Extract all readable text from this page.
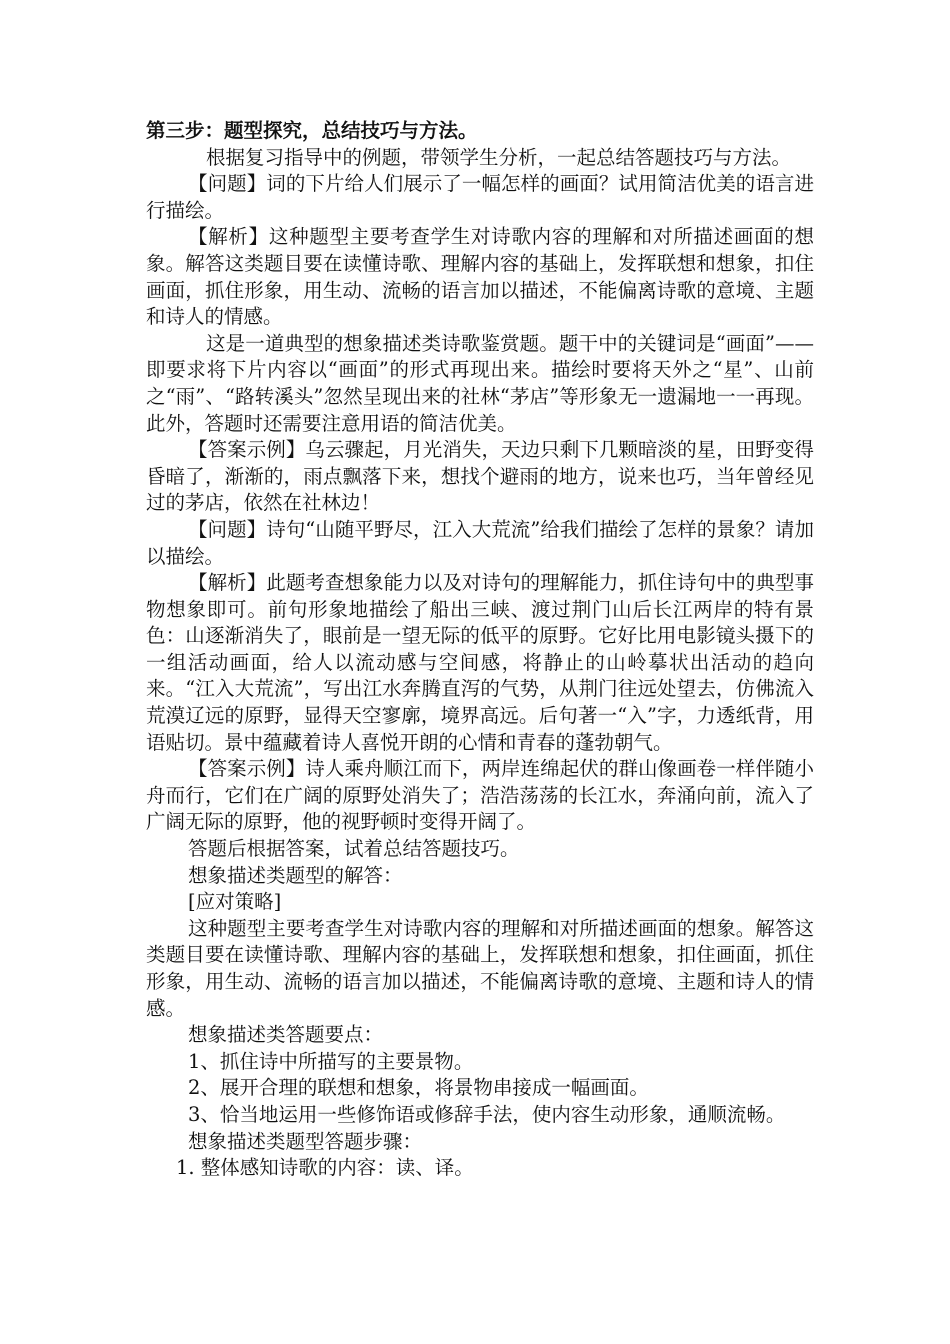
第三步：题型探究，总结技巧与方法。

根据复习指导中的例题，带领学生分析，一起总结答题技巧与方法。

【问题】词的下片给人们展示了一幅怎样的画面？试用简洁优美的语言进行描绘。

【解析】这种题型主要考查学生对诗歌内容的理解和对所描述画面的想象。解答这类题目要在读懂诗歌、理解内容的基础上，发挥联想和想象，扣住画面，抓住形象，用生动、流畅的语言加以描述，不能偏离诗歌的意境、主题和诗人的情感。

这是一道典型的想象描述类诗歌鉴赏题。题干中的关键词是“画面”——即要求将下片内容以“画面”的形式再现出来。描绘时要将天外之“星”、山前之“雨”、“路转溪头”忽然呈现出来的社林“茅店”等形象无一遗漏地一一再现。此外，答题时还需要注意用语的简洁优美。

【答案示例】乌云骤起，月光消失，天边只剩下几颗暗淡的星，田野变得昏暗了，渐渐的，雨点飘落下来，想找个避雨的地方，说来也巧，当年曾经见过的茅店，依然在社林边！

【问题】诗句“山随平野尽，江入大荒流”给我们描绘了怎样的景象？请加以描绘。

【解析】此题考查想象能力以及对诗句的理解能力，抓住诗句中的典型事物想象即可。前句形象地描绘了船出三峡、渡过荆门山后长江两岸的特有景色：山逐渐消失了，眼前是一望无际的低平的原野。它好比用电影镜头摄下的一组活动画面，给人以流动感与空间感，将静止的山岭摹状出活动的趋向来。“江入大荒流”，写出江水奔腾直泻的气势，从荆门往远处望去，仿佛流入荒漠辽远的原野，显得天空寥廓，境界高远。后句著一“入”字，力透纸背，用语贴切。景中蕴藏着诗人喜悦开朗的心情和青春的蓬勃朝气。

【答案示例】诗人乘舟顺江而下，两岸连绵起伏的群山像画卷一样伴随小舟而行，它们在广阔的原野处消失了；浩浩荡荡的长江水，奔涌向前，流入了广阔无际的原野，他的视野顿时变得开阔了。

答题后根据答案，试着总结答题技巧。

想象描述类题型的解答：

[应对策略]

这种题型主要考查学生对诗歌内容的理解和对所描述画面的想象。解答这类题目要在读懂诗歌、理解内容的基础上，发挥联想和想象，扣住画面，抓住形象，用生动、流畅的语言加以描述，不能偏离诗歌的意境、主题和诗人的情感。

想象描述类答题要点：

1、抓住诗中所描写的主要景物。

2、展开合理的联想和想象，将景物串接成一幅画面。

3、恰当地运用一些修饰语或修辞手法，使内容生动形象，通顺流畅。

想象描述类题型答题步骤：

1. 整体感知诗歌的内容：读、译。
